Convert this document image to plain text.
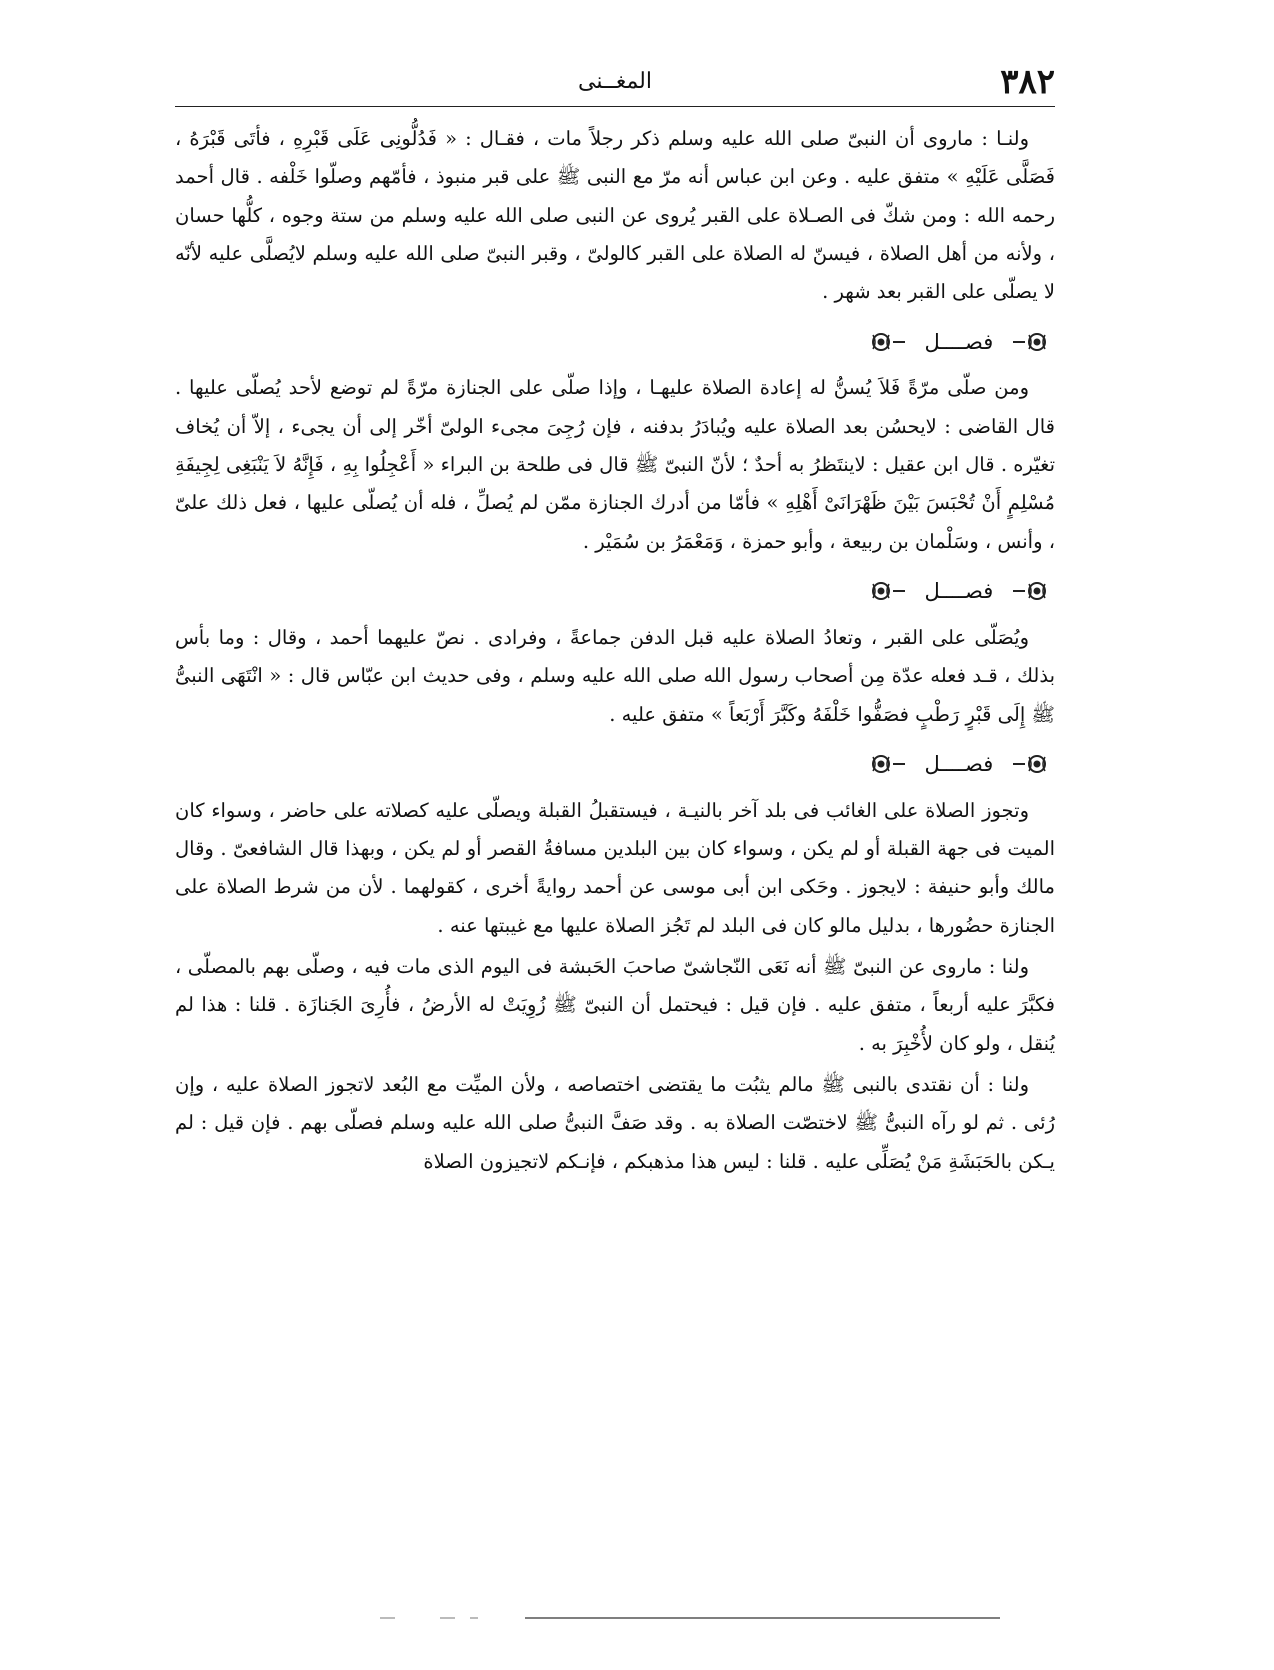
٣٨٢
المغــنى

ولنـا : ماروى أن النبىّ صلى الله عليه وسلم ذكر رجلاً مات ، فقـال : « فَدُلُّونِى عَلَى قَبْرِهِ ، فأتَى قَبْرَهُ ، فَصَلَّى عَلَيْهِ » متفق عليه . وعن ابن عباس أنه مرّ مع النبى ﷺ على قبر منبوذ ، فأمّهم وصلّوا خَلْفه . قال أحمد رحمه الله : ومن شكّ فى الصـلاة على القبر يُروى عن النبى صلى الله عليه وسلم من ستة وجوه ، كلُّها حسان ، ولأنه من أهل الصلاة ، فيسنّ له الصلاة على القبر كالولىّ ، وقبر النبىّ صلى الله عليه وسلم لايُصلَّى عليه لأنّه لا يصلّى على القبر بعد شهر .

فصــــل

ومن صلّى مرّةً فَلاَ يُسنُّ له إعادة الصلاة عليهـا ، وإذا صلّى على الجنازة مرّةً لم توضع لأحد يُصلّى عليها . قال القاضى : لايحسُن بعد الصلاة عليه ويُبادَرُ بدفنه ، فإن رُجِىَ مجىء الولىّ أخّر إلى أن يجىء ، إلاّ أن يُخاف تغيّره . قال ابن عقيل : لاينتَظرُ به أحدٌ ؛ لأنّ النبىّ ﷺ قال فى طلحة بن البراء « أَعْجِلُوا بِهِ ، فَإِنَّهُ لاَ يَنْبَغِى لِجِيفَةِ مُسْلِمٍ أَنْ تُحْبَسَ بَيْنَ ظَهْرَانَىْ أَهْلِهِ » فأمّا من أدرك الجنازة ممّن لم يُصلِّ ، فله أن يُصلّى عليها ، فعل ذلك علىّ ، وأنس ، وسَلْمان بن ربيعة ، وأبو حمزة ، وَمَعْمَرُ بن سُمَيْر .

فصــــل

ويُصَلّى على القبر ، وتعادُ الصلاة عليه قبل الدفن جماعةً ، وفرادى . نصّ عليهما أحمد ، وقال : وما بأس بذلك ، قـد فعله عدّة مِن أصحاب رسول الله صلى الله عليه وسلم ، وفى حديث ابن عبّاس قال : « انْتَهَى النبىُّ ﷺ إِلَى قَبْرٍ رَطْبٍ فصَفُّوا خَلْفَهُ وكَبَّرَ أَرْبَعاً » متفق عليه .

فصــــل

وتجوز الصلاة على الغائب فى بلد آخر بالنيـة ، فيستقبلُ القبلة ويصلّى عليه كصلاته على حاضر ، وسواء كان الميت فى جهة القبلة أو لم يكن ، وسواء كان بين البلدين مسافةُ القصر أو لم يكن ، وبهذا قال الشافعىّ . وقال مالك وأبو حنيفة : لايجوز . وحَكى ابن أبى موسى عن أحمد روايةً أخرى ، كقولهما . لأن من شرط الصلاة على الجنازة حضُورها ، بدليل مالو كان فى البلد لم تَجُز الصلاة عليها مع غيبتها عنه .

ولنا : ماروى عن النبىّ ﷺ أنه نَعَى النّجاشىّ صاحبَ الحَبشة فى اليوم الذى مات فيه ، وصلّى بهم بالمصلّى ، فكبَّرَ عليه أربعاً ، متفق عليه . فإن قيل : فيحتمل أن النبىّ ﷺ زُوِيَتْ له الأرضُ ، فأُرِىَ الجَنازَة . قلنا : هذا لم يُنقل ، ولو كان لأُخْبِرَ به .

ولنا : أن نقتدى بالنبى ﷺ مالم يثبُت ما يقتضى اختصاصه ، ولأن الميِّت مع البُعد لاتجوز الصلاة عليه ، وإن رُئى . ثم لو رآه النبىُّ ﷺ لاختصّت الصلاة به . وقد صَفَّ النبىُّ صلى الله عليه وسلم فصلّى بهم . فإن قيل : لم يـكن بالحَبَشَةِ مَنْ يُصَلِّى عليه . قلنا : ليس هذا مذهبكم ، فإنـكم لاتجيزون الصلاة
